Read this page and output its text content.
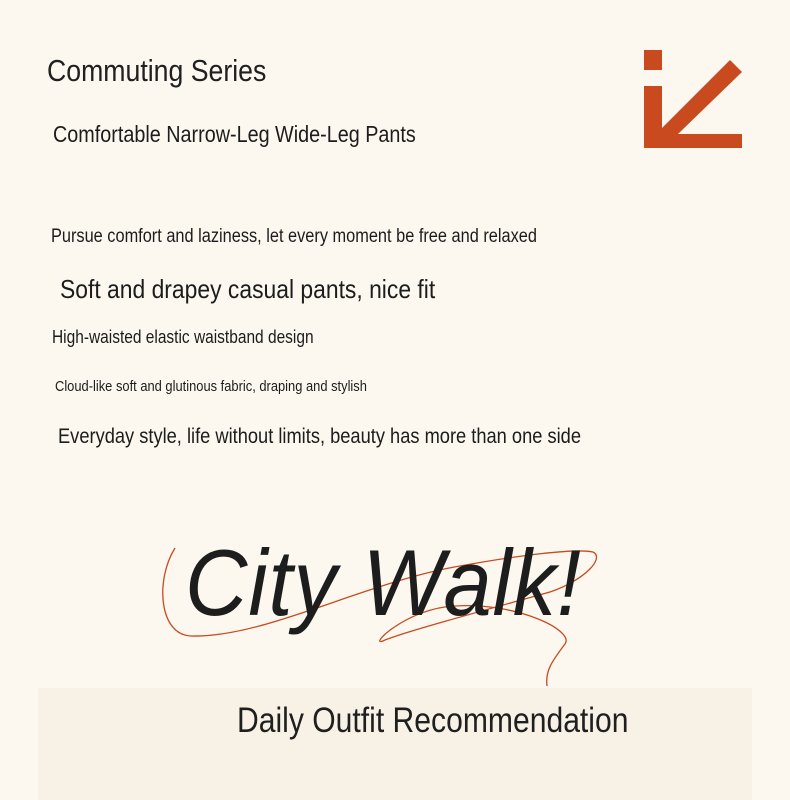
Commuting Series
Comfortable Narrow-Leg Wide-Leg Pants
Pursue comfort and laziness, let every moment be free and relaxed
Soft and drapey casual pants, nice fit
High-waisted elastic waistband design
Cloud-like soft and glutinous fabric, draping and stylish
Everyday style, life without limits, beauty has more than one side
City Walk!
Daily Outfit Recommendation
